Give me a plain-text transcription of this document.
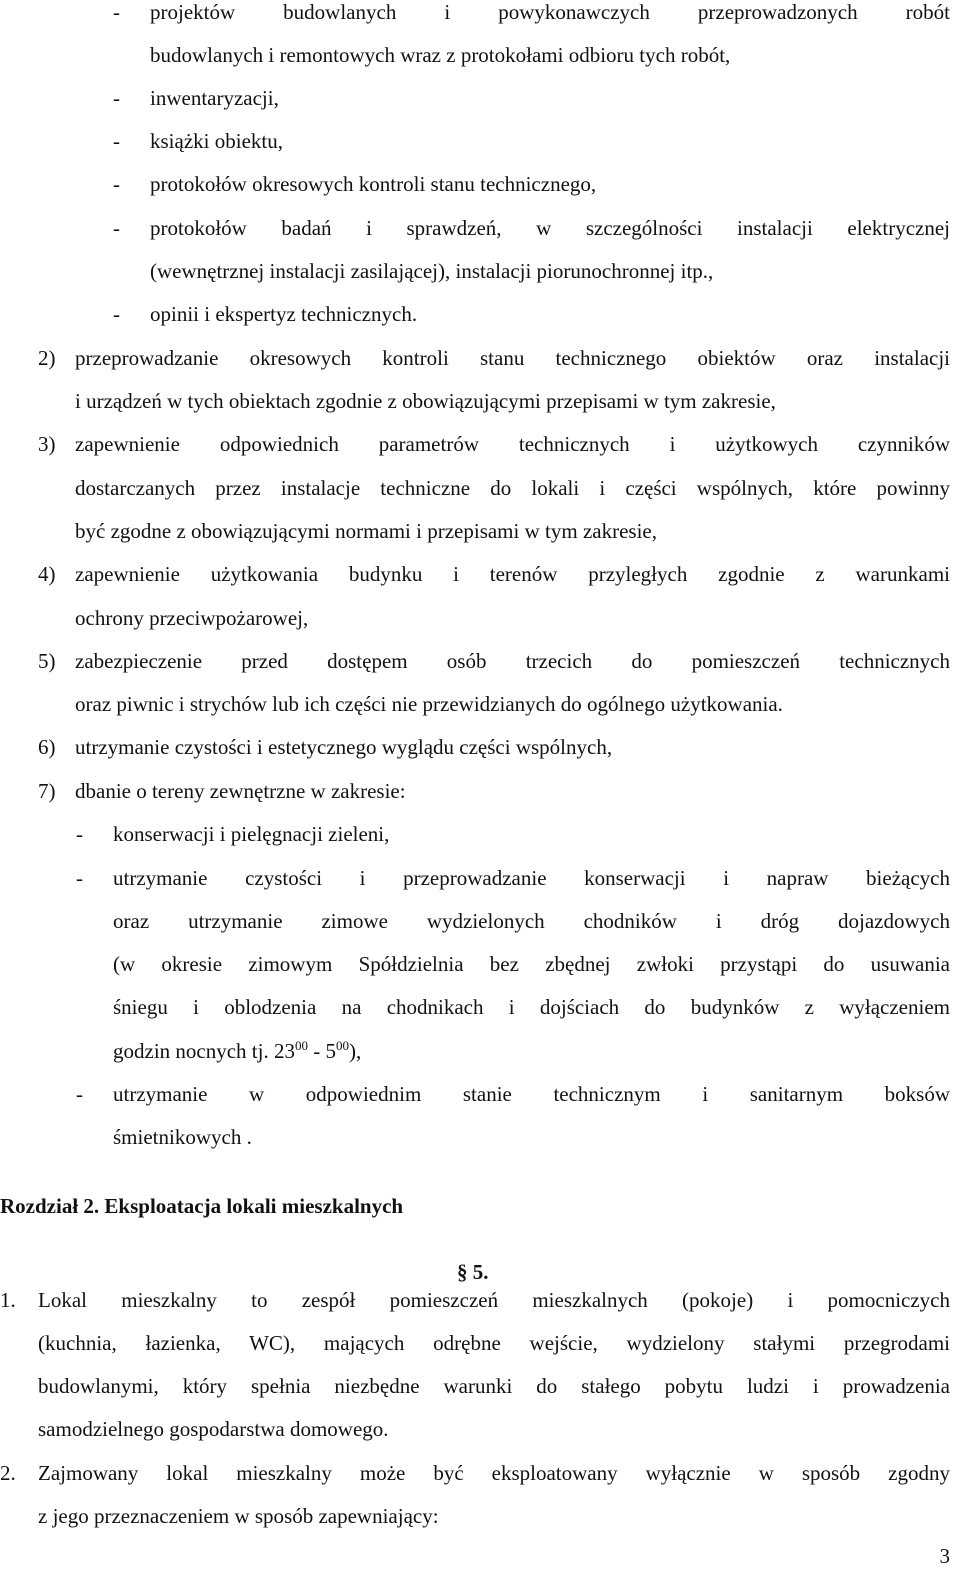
- projektów budowlanych i powykonawczych przeprowadzonych robót
budowlanych i remontowych wraz z protokołami odbioru tych robót,
- inwentaryzacji,
- książki obiektu,
- protokołów okresowych kontroli stanu technicznego,
- protokołów badań i sprawdzeń, w szczególności instalacji elektrycznej
(wewnętrznej instalacji zasilającej), instalacji piorunochronnej itp.,
- opinii i ekspertyz technicznych.
2) przeprowadzanie okresowych kontroli stanu technicznego obiektów oraz instalacji
i urządzeń w tych obiektach zgodnie z obowiązującymi przepisami w tym zakresie,
3) zapewnienie odpowiednich parametrów technicznych i użytkowych czynników
dostarczanych przez instalacje techniczne do lokali i części wspólnych, które powinny
być zgodne z obowiązującymi normami i przepisami w tym zakresie,
4) zapewnienie użytkowania budynku i terenów przyległych zgodnie z warunkami
ochrony przeciwpożarowej,
5) zabezpieczenie przed dostępem osób trzecich do pomieszczeń technicznych
oraz piwnic i strychów lub ich części nie przewidzianych do ogólnego użytkowania.
6) utrzymanie czystości i estetycznego wyglądu części wspólnych,
7) dbanie o tereny zewnętrzne w zakresie:
- konserwacji i pielęgnacji zieleni,
- utrzymanie czystości i przeprowadzanie konserwacji i napraw bieżących
oraz utrzymanie zimowe wydzielonych chodników i dróg dojazdowych
(w okresie zimowym Spółdzielnia bez zbędnej zwłoki przystąpi do usuwania
śniegu i oblodzenia na chodnikach i dojściach do budynków z wyłączeniem
godzin nocnych tj. $23^{00} - 5^{00}$),
- utrzymanie w odpowiednim stanie technicznym i sanitarnym boksów
śmietnikowych .
Rozdział 2. Eksploatacja lokali mieszkalnych
§ 5.
1. Lokal mieszkalny to zespół pomieszczeń mieszkalnych (pokoje) i pomocniczych
(kuchnia, łazienka, WC), mających odrębne wejście, wydzielony stałymi przegrodami
budowlanymi, który spełnia niezbędne warunki do stałego pobytu ludzi i prowadzenia
samodzielnego gospodarstwa domowego.
2. Zajmowany lokal mieszkalny może być eksploatowany wyłącznie w sposób zgodny
z jego przeznaczeniem w sposób zapewniający:
3
